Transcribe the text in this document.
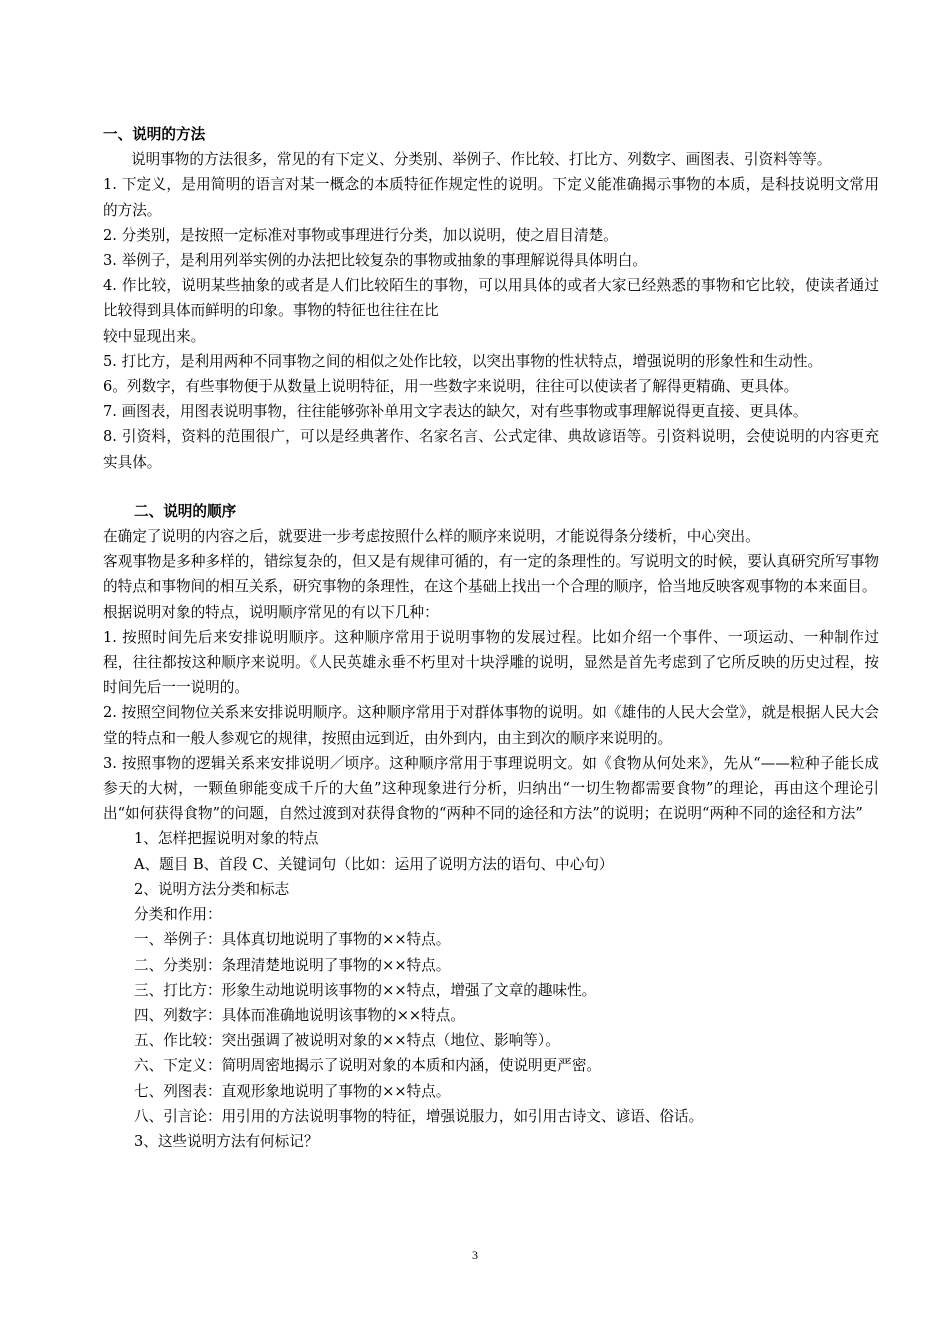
一、说明的方法

说明事物的方法很多，常见的有下定义、分类别、举例子、作比较、打比方、列数字、画图表、引资料等等。

1. 下定义，是用简明的语言对某一概念的本质特征作规定性的说明。下定义能准确揭示事物的本质，是科技说明文常用的方法。

2. 分类别，是按照一定标准对事物或事理进行分类，加以说明，使之眉目清楚。

3. 举例子，是利用列举实例的办法把比较复杂的事物或抽象的事理解说得具体明白。

4. 作比较，说明某些抽象的或者是人们比较陌生的事物，可以用具体的或者大家已经熟悉的事物和它比较，使读者通过比较得到具体而鲜明的印象。事物的特征也往往在比

较中显现出来。

5. 打比方，是利用两种不同事物之间的相似之处作比较，以突出事物的性状特点，增强说明的形象性和生动性。

6。列数字，有些事物便于从数量上说明特征，用一些数字来说明，往往可以使读者了解得更精确、更具体。

7. 画图表，用图表说明事物，往往能够弥补单用文字表达的缺欠，对有些事物或事理解说得更直接、更具体。

8. 引资料，资料的范围很广，可以是经典著作、名家名言、公式定律、典故谚语等。引资料说明，会使说明的内容更充实具体。

二、说明的顺序

在确定了说明的内容之后，就要进一步考虑按照什么样的顺序来说明，才能说得条分缕析，中心突出。

客观事物是多种多样的，错综复杂的，但又是有规律可循的，有一定的条理性的。写说明文的时候，要认真研究所写事物的特点和事物间的相互关系，研究事物的条理性，在这个基础上找出一个合理的顺序，恰当地反映客观事物的本来面目。

根据说明对象的特点，说明顺序常见的有以下几种：

1. 按照时间先后来安排说明顺序。这种顺序常用于说明事物的发展过程。比如介绍一个事件、一项运动、一种制作过程，往往都按这种顺序来说明。《人民英雄永垂不朽里对十块浮雕的说明，显然是首先考虑到了它所反映的历史过程，按时间先后一一说明的。

2. 按照空间物位关系来安排说明顺序。这种顺序常用于对群体事物的说明。如《雄伟的人民大会堂》，就是根据人民大会堂的特点和一般人参观它的规律，按照由远到近，由外到内，由主到次的顺序来说明的。

3. 按照事物的逻辑关系来安排说明／顷序。这种顺序常用于事理说明文。如《食物从何处来》，先从“——粒种子能长成参天的大树，一颗鱼卵能变成千斤的大鱼”这种现象进行分析，归纳出“一切生物都需要食物”的理论，再由这个理论引出“如何获得食物”的问题，自然过渡到对获得食物的“两种不同的途径和方法”的说明；在说明“两种不同的途径和方法”

1、怎样把握说明对象的特点

A、题目 B、首段 C、关键词句（比如：运用了说明方法的语句、中心句）

2、说明方法分类和标志

分类和作用：

一、举例子：具体真切地说明了事物的××特点。

二、分类别：条理清楚地说明了事物的××特点。

三、打比方：形象生动地说明该事物的××特点，增强了文章的趣味性。

四、列数字：具体而准确地说明该事物的××特点。

五、作比较：突出强调了被说明对象的××特点（地位、影响等）。

六、下定义：简明周密地揭示了说明对象的本质和内涵，使说明更严密。

七、列图表：直观形象地说明了事物的××特点。

八、引言论：用引用的方法说明事物的特征，增强说服力，如引用古诗文、谚语、俗话。

3、这些说明方法有何标记？

3
